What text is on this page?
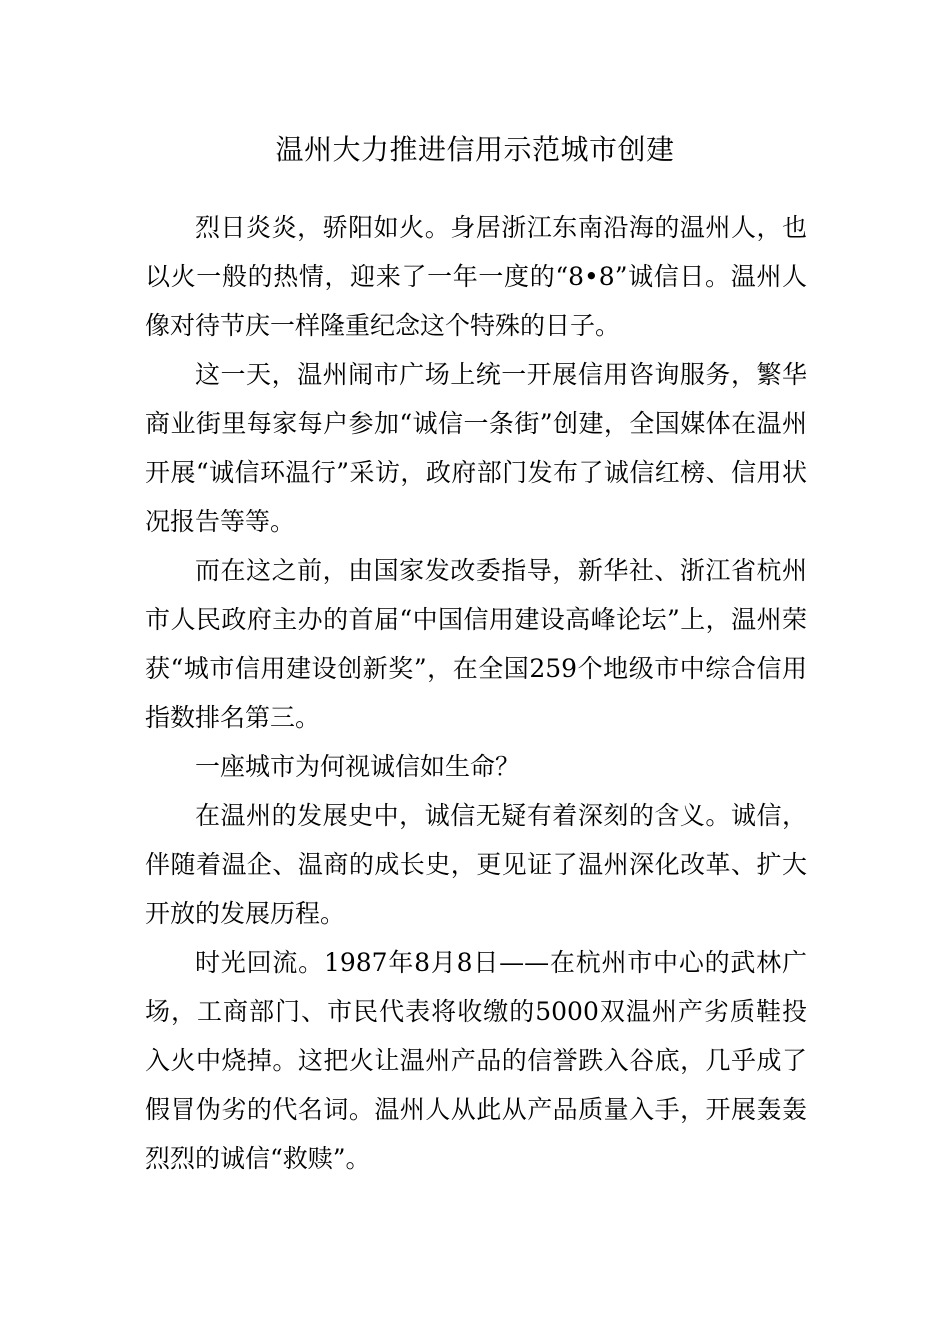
温州大力推进信用示范城市创建

烈日炎炎，骄阳如火。身居浙江东南沿海的温州人，也以火一般的热情，迎来了一年一度的“8•8”诚信日。温州人像对待节庆一样隆重纪念这个特殊的日子。

这一天，温州闹市广场上统一开展信用咨询服务，繁华商业街里每家每户参加“诚信一条街”创建，全国媒体在温州开展“诚信环温行”采访，政府部门发布了诚信红榜、信用状况报告等等。

而在这之前，由国家发改委指导，新华社、浙江省杭州市人民政府主办的首届“中国信用建设高峰论坛”上，温州荣获“城市信用建设创新奖”，在全国259个地级市中综合信用指数排名第三。

一座城市为何视诚信如生命？

在温州的发展史中，诚信无疑有着深刻的含义。诚信，伴随着温企、温商的成长史，更见证了温州深化改革、扩大开放的发展历程。

时光回流。1987年8月8日——在杭州市中心的武林广场，工商部门、市民代表将收缴的5000双温州产劣质鞋投入火中烧掉。这把火让温州产品的信誉跌入谷底，几乎成了假冒伪劣的代名词。温州人从此从产品质量入手，开展轰轰烈烈的诚信“救赎”。
